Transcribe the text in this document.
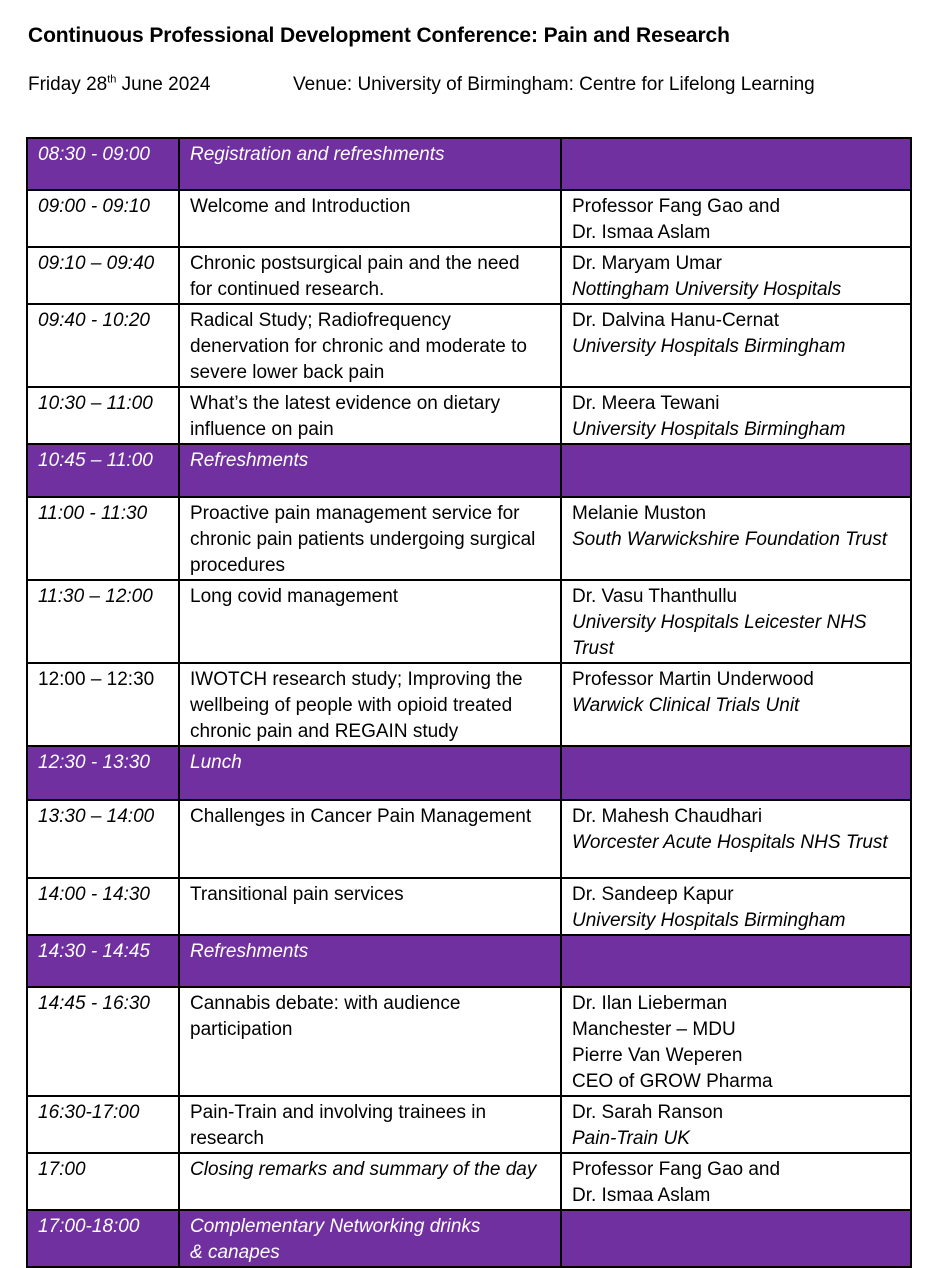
Continuous Professional Development Conference: Pain and Research
Friday 28th June 2024	Venue: University of Birmingham: Centre for Lifelong Learning
08:30 - 09:00	Registration and refreshments	

09:00 - 09:10	Welcome and Introduction	Professor Fang Gao and
Dr. Ismaa Aslam

09:10 – 09:40	Chronic postsurgical pain and the need
for continued research.	Dr. Maryam Umar
Nottingham University Hospitals

09:40 - 10:20	Radical Study; Radiofrequency
denervation for chronic and moderate to
severe lower back pain	Dr. Dalvina Hanu-Cernat
University Hospitals Birmingham

10:30 – 11:00	What’s the latest evidence on dietary
influence on pain	Dr. Meera Tewani
University Hospitals Birmingham

10:45 – 11:00	Refreshments	

11:00 - 11:30	Proactive pain management service for
chronic pain patients undergoing surgical
procedures	Melanie Muston
South Warwickshire Foundation Trust

11:30 – 12:00	Long covid management	Dr. Vasu Thanthullu
University Hospitals Leicester NHS
Trust

12:00 – 12:30	IWOTCH research study; Improving the
wellbeing of people with opioid treated
chronic pain and REGAIN study	Professor Martin Underwood
Warwick Clinical Trials Unit

12:30 - 13:30	Lunch	

13:30 – 14:00	Challenges in Cancer Pain Management	Dr. Mahesh Chaudhari
Worcester Acute Hospitals NHS Trust

14:00 - 14:30	Transitional pain services	Dr. Sandeep Kapur
University Hospitals Birmingham

14:30 - 14:45	Refreshments	

14:45 - 16:30	Cannabis debate: with audience
participation	Dr. Ilan Lieberman
Manchester – MDU
Pierre Van Weperen
CEO of GROW Pharma

16:30-17:00	Pain-Train and involving trainees in
research	Dr. Sarah Ranson
Pain-Train UK

17:00	Closing remarks and summary of the day	Professor Fang Gao and
Dr. Ismaa Aslam

17:00-18:00	Complementary Networking drinks
& canapes	
